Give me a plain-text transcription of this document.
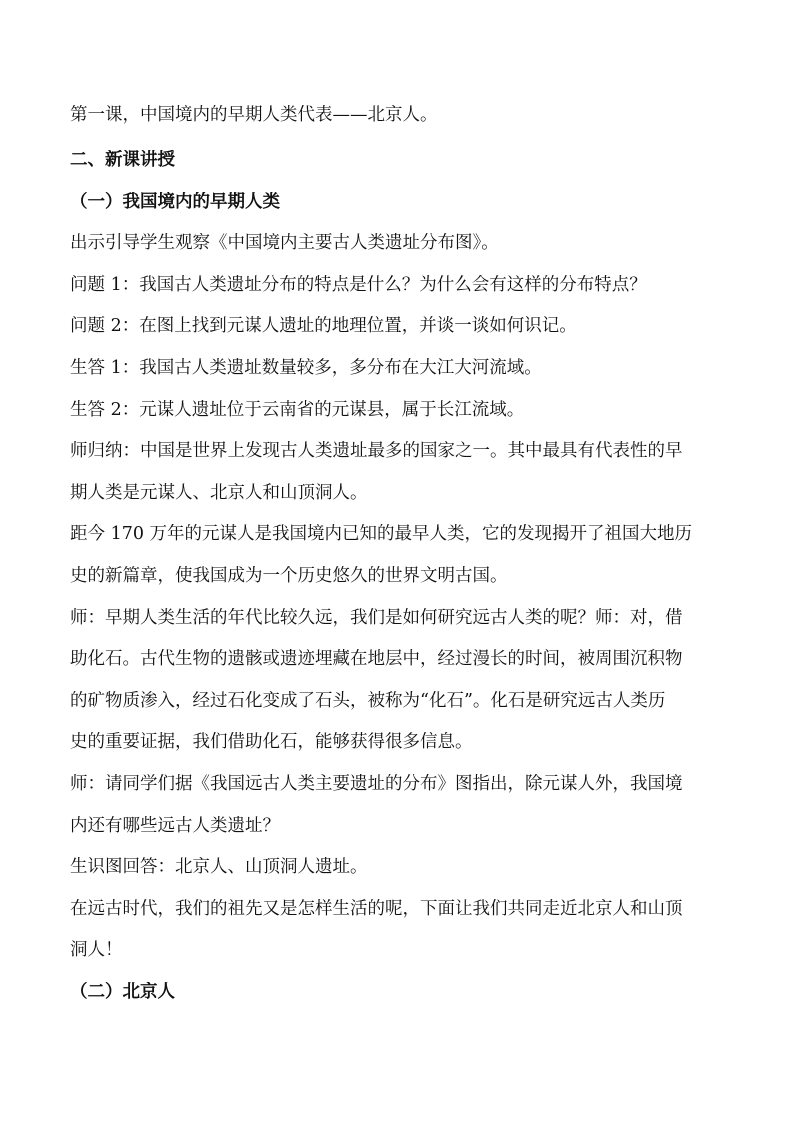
第一课，中国境内的早期人类代表——北京人。
二、新课讲授
（一）我国境内的早期人类
出示引导学生观察《中国境内主要古人类遗址分布图》。
问题 1：我国古人类遗址分布的特点是什么？为什么会有这样的分布特点？
问题 2：在图上找到元谋人遗址的地理位置，并谈一谈如何识记。
生答 1：我国古人类遗址数量较多，多分布在大江大河流域。
生答 2：元谋人遗址位于云南省的元谋县，属于长江流域。
师归纳：中国是世界上发现古人类遗址最多的国家之一。其中最具有代表性的早
期人类是元谋人、北京人和山顶洞人。
距今 170 万年的元谋人是我国境内已知的最早人类，它的发现揭开了祖国大地历
史的新篇章，使我国成为一个历史悠久的世界文明古国。
师：早期人类生活的年代比较久远，我们是如何研究远古人类的呢？师：对，借
助化石。古代生物的遗骸或遗迹埋藏在地层中，经过漫长的时间，被周围沉积物
的矿物质渗入，经过石化变成了石头，被称为“化石”。化石是研究远古人类历
史的重要证据，我们借助化石，能够获得很多信息。
师：请同学们据《我国远古人类主要遗址的分布》图指出，除元谋人外，我国境
内还有哪些远古人类遗址？
生识图回答：北京人、山顶洞人遗址。
在远古时代，我们的祖先又是怎样生活的呢，下面让我们共同走近北京人和山顶
洞人！
（二）北京人
